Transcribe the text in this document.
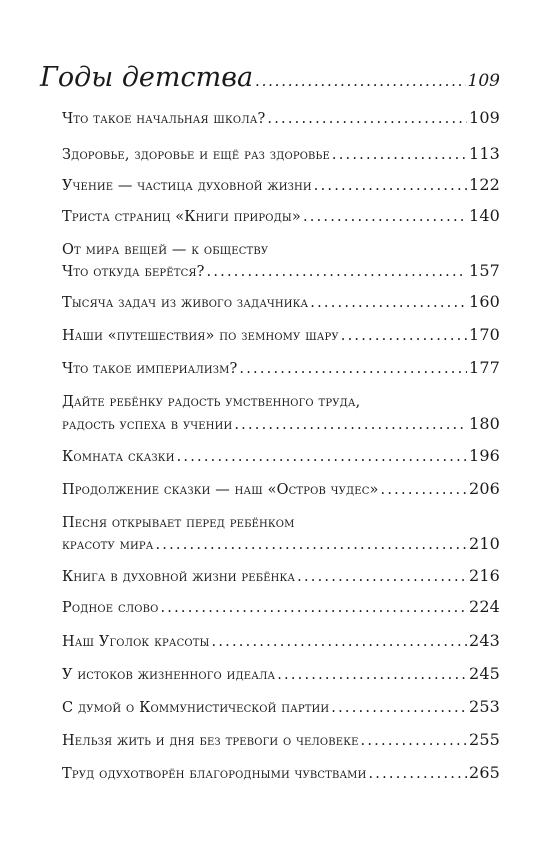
Годы детства . . .	109
Что такое начальная школа? . . .	109
Здоровье, здоровье и ещё раз здоровье . . .	113
Учение — частица духовной жизни . . .	122
Триста страниц «Книги природы» . . .	140
От мира вещей — к обществу
Что откуда берётся? . . .	157
Тысяча задач из живого задачника . . .	160
Наши «путешествия» по земному шару . . .	170
Что такое империализм? . . .	177
Дайте ребёнку радость умственного труда,
радость успеха в учении . . .	180
Комната сказки . . .	196
Продолжение сказки — наш «Остров чудес» . . .	206
Песня открывает перед ребёнком
красоту мира . . .	210
Книга в духовной жизни ребёнка . . .	216
Родное слово . . .	224
Наш Уголок красоты . . .	243
У истоков жизненного идеала . . .	245
С думой о Коммунистической партии . . .	253
Нельзя жить и дня без тревоги о человеке . . .	255
Труд одухотворён благородными чувствами . . .	265
